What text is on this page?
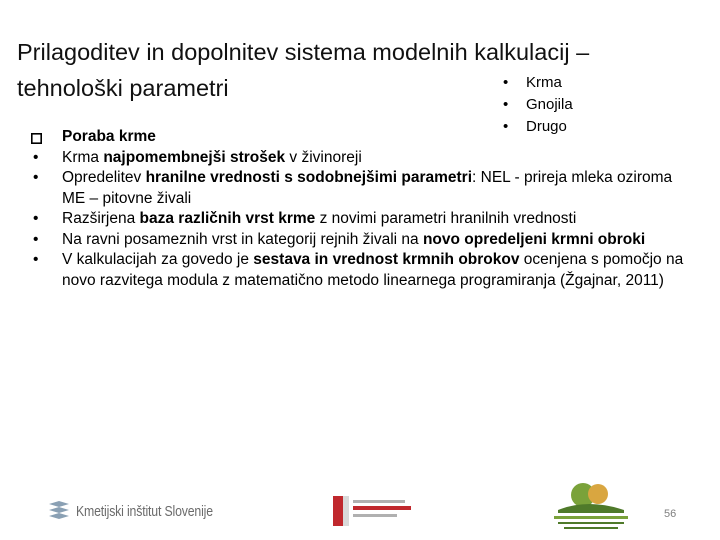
Prilagoditev in dopolnitev sistema modelnih kalkulacij –
tehnološki parametri	• Krma
• Gnojila
• Drugo
Poraba krme
• Krma najpomembnejši strošek v živinoreji
• Opredelitev hranilne vrednosti s sodobnejšimi parametri: NEL - prireja mleka oziroma ME – pitovne živali
• Razširjena baza različnih vrst krme z novimi parametri hranilnih vrednosti
• Na ravni posameznih vrst in kategorij rejnih živali na novo opredeljeni krmni obroki
• V kalkulacijah za govedo je sestava in vrednost krmnih obrokov ocenjena s pomočjo na novo razvitega modula z matematično metodo linearnega programiranja (Žgajnar, 2011)
Kmetijski inštitut Slovenije	56
